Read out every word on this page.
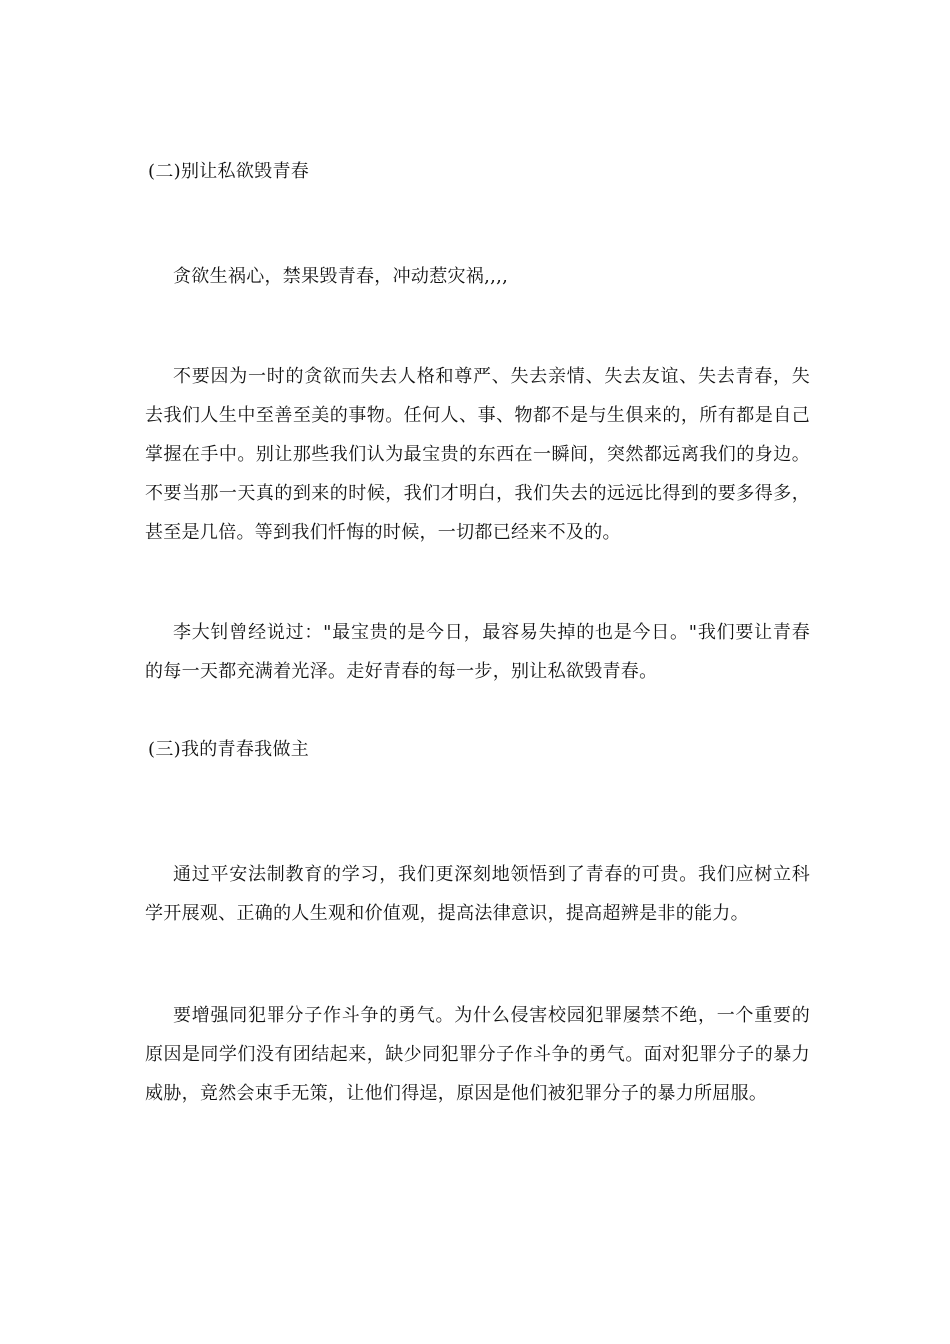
(二)别让私欲毁青春

贪欲生祸心，禁果毁青春，冲动惹灾祸,,,,

不要因为一时的贪欲而失去人格和尊严、失去亲情、失去友谊、失去青春，失去我们人生中至善至美的事物。任何人、事、物都不是与生俱来的，所有都是自己掌握在手中。别让那些我们认为最宝贵的东西在一瞬间，突然都远离我们的身边。不要当那一天真的到来的时候，我们才明白，我们失去的远远比得到的要多得多，甚至是几倍。等到我们忏悔的时候，一切都已经来不及的。

李大钊曾经说过："最宝贵的是今日，最容易失掉的也是今日。"我们要让青春的每一天都充满着光泽。走好青春的每一步，别让私欲毁青春。

(三)我的青春我做主

通过平安法制教育的学习，我们更深刻地领悟到了青春的可贵。我们应树立科学开展观、正确的人生观和价值观，提高法律意识，提高超辨是非的能力。

要增强同犯罪分子作斗争的勇气。为什么侵害校园犯罪屡禁不绝，一个重要的原因是同学们没有团结起来，缺少同犯罪分子作斗争的勇气。面对犯罪分子的暴力威胁，竟然会束手无策，让他们得逞，原因是他们被犯罪分子的暴力所屈服。
